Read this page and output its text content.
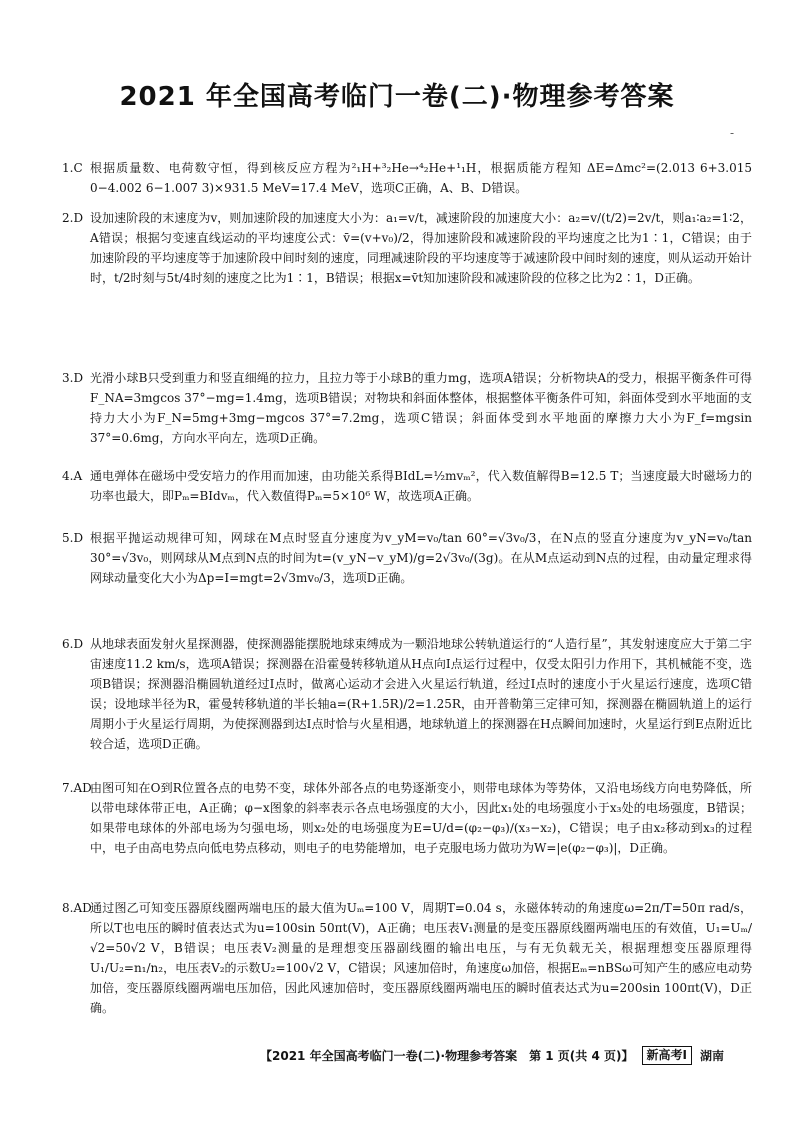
2021 年全国高考临门一卷(二)·物理参考答案
-
1.C 根据质量数、电荷数守恒，得到核反应方程为²₁H+³₂He→⁴₂He+¹₁H，根据质能方程知 ΔE=Δmc²=(2.013 6+3.015 0−4.002 6−1.007 3)×931.5 MeV=17.4 MeV，选项C正确，A、B、D错误。

2.D 设加速阶段的末速度为v，则加速阶段的加速度大小为：a₁=v/t，减速阶段的加速度大小：a₂=v/(t/2)=2v/t，则a₁∶a₂=1∶2，A错误；根据匀变速直线运动的平均速度公式：v̄=(v+v₀)/2，得加速阶段和减速阶段的平均速度之比为1∶1，C错误；由于加速阶段的平均速度等于加速阶段中间时刻的速度，同理减速阶段的平均速度等于减速阶段中间时刻的速度，则从运动开始计时，t/2时刻与5t/4时刻的速度之比为1∶1，B错误；根据x=v̄t知加速阶段和减速阶段的位移之比为2∶1，D正确。

3.D 光滑小球B只受到重力和竖直细绳的拉力，且拉力等于小球B的重力mg，选项A错误；分析物块A的受力，根据平衡条件可得F_NA=3mgcos 37°−mg=1.4mg，选项B错误；对物块和斜面体整体，根据整体平衡条件可知，斜面体受到水平地面的支持力大小为F_N=5mg+3mg−mgcos 37°=7.2mg，选项C错误；斜面体受到水平地面的摩擦力大小为F_f=mgsin 37°=0.6mg，方向水平向左，选项D正确。

4.A 通电弹体在磁场中受安培力的作用而加速，由功能关系得BIdL=½mvₘ²，代入数值解得B=12.5 T；当速度最大时磁场力的功率也最大，即Pₘ=BIdvₘ，代入数值得Pₘ=5×10⁶ W，故选项A正确。

5.D 根据平抛运动规律可知，网球在M点时竖直分速度为v_yM=v₀/tan 60°=√3v₀/3，在N点的竖直分速度为v_yN=v₀/tan 30°=√3v₀，则网球从M点到N点的时间为t=(v_yN−v_yM)/g=2√3v₀/(3g)。在从M点运动到N点的过程，由动量定理求得网球动量变化大小为Δp=I=mgt=2√3mv₀/3，选项D正确。

6.D 从地球表面发射火星探测器，使探测器能摆脱地球束缚成为一颗沿地球公转轨道运行的“人造行星”，其发射速度应大于第二宇宙速度11.2 km/s，选项A错误；探测器在沿霍曼转移轨道从H点向I点运行过程中，仅受太阳引力作用下，其机械能不变，选项B错误；探测器沿椭圆轨道经过I点时，做离心运动才会进入火星运行轨道，经过I点时的速度小于火星运行速度，选项C错误；设地球半径为R，霍曼转移轨道的半长轴a=(R+1.5R)/2=1.25R，由开普勒第三定律可知，探测器在椭圆轨道上的运行周期小于火星运行周期，为使探测器到达I点时恰与火星相遇，地球轨道上的探测器在H点瞬间加速时，火星运行到E点附近比较合适，选项D正确。

7.AD

由图可知在O到R位置各点的电势不变，球体外部各点的电势逐渐变小，则带电球体为等势体，又沿电场线方向电势降低，所以带电球体带正电，A正确；φ−x图象的斜率表示各点电场强度的大小，因此x₁处的电场强度小于x₃处的电场强度，B错误；如果带电球体的外部电场为匀强电场，则x₂处的电场强度为E=U/d=(φ₂−φ₃)/(x₃−x₂)，C错误；电子由x₂移动到x₃的过程中，电子由高电势点向低电势点移动，则电子的电势能增加，电子克服电场力做功为W=|e(φ₂−φ₃)|，D正确。

8.AD

通过图乙可知变压器原线圈两端电压的最大值为Uₘ=100 V，周期T=0.04 s，永磁体转动的角速度ω=2π/T=50π rad/s，所以T也电压的瞬时值表达式为u=100sin 50πt(V)，A正确；电压表V₁测量的是变压器原线圈两端电压的有效值，U₁=Uₘ/√2=50√2 V，B错误；电压表V₂测量的是理想变压器副线圈的输出电压，与有无负载无关，根据理想变压器原理得U₁/U₂=n₁/n₂，电压表V₂的示数U₂=100√2 V，C错误；风速加倍时，角速度ω加倍，根据Eₘ=nBSω可知产生的感应电动势加倍，变压器原线圈两端电压加倍，因此风速加倍时，变压器原线圈两端电压的瞬时值表达式为u=200sin 100πt(V)，D正确。

【2021 年全国高考临门一卷(二)·物理参考答案　第 1 页(共 4 页)】	新高考Ⅰ	湖南
